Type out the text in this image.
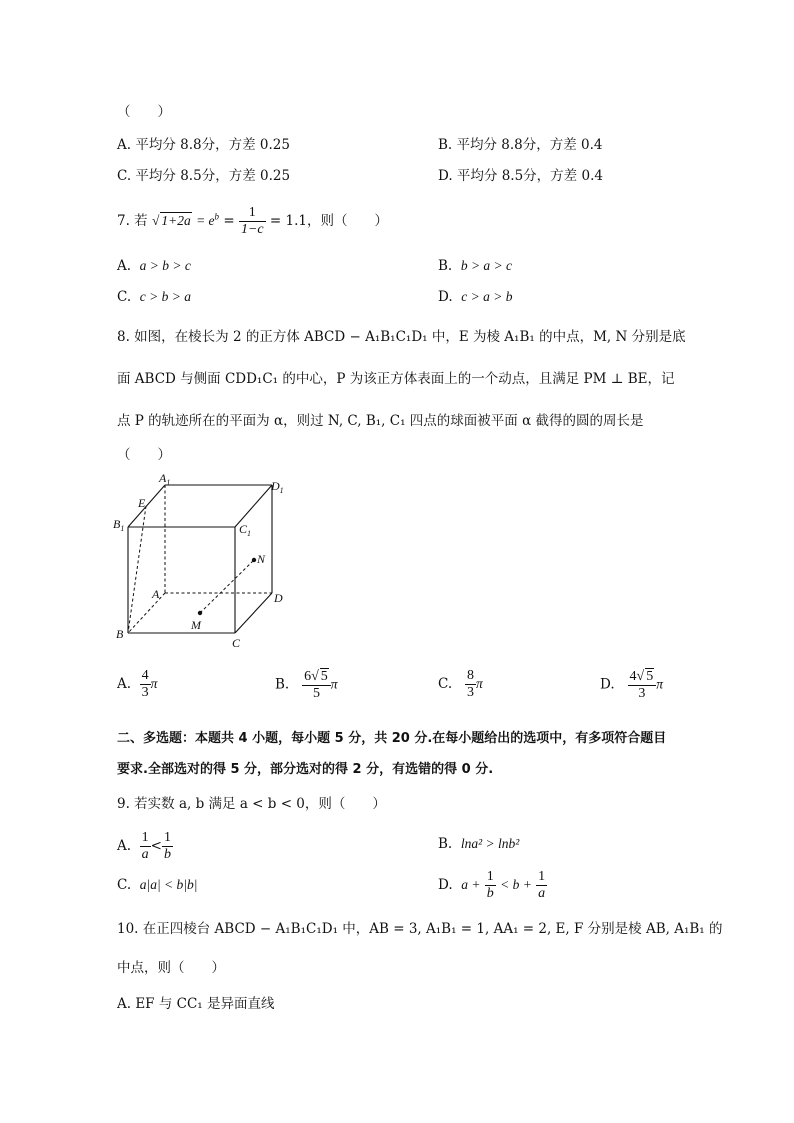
（　　）
A. 平均分 8.8分，方差 0.25	B. 平均分 8.8分，方差 0.4
C. 平均分 8.5分，方差 0.25	D. 平均分 8.5分，方差 0.4
7. 若 √ $1+2a = e^b = \frac{1}{1-c} = 1.1$，则（　　）
A. a > b > c	B. b > a > c
C. c > b > a	D. c > a > b
8. 如图，在棱长为 2 的正方体 ABCD − A₁B₁C₁D₁ 中，E 为棱 A₁B₁ 的中点，M, N 分别是底
面 ABCD 与侧面 CDD₁C₁ 的中心，P 为该正方体表面上的一个动点，且满足 PM ⊥ BE，记
点 P 的轨迹所在的平面为 α，则过 N, C, B₁, C₁ 四点的球面被平面 α 截得的圆的周长是
（　　）
$A_1$	$D_1$
E
$B_1$	$C_1$
N
A	D
M
B
C
A. $\frac{4}{3}$ π	B. $\frac{6√ 5}{5}$ π	C. $\frac{8}{3}$ π	D. $\frac{4√ 5}{3}$ π
二、多选题：本题共 4 小题，每小题 5 分，共 20 分.在每小题给出的选项中，有多项符合题目
要求.全部选对的得 5 分，部分选对的得 2 分，有选错的得 0 分.
9. 若实数 a, b 满足 a < b < 0，则（　　）
A. $\frac{1}{a} < \frac{1}{b}$	B. lna² > lnb²
C. a|a| < b|b|	D. $a + \frac{1}{b} < b + \frac{1}{a}$
10. 在正四棱台 ABCD − A₁B₁C₁D₁ 中，AB = 3, A₁B₁ = 1, AA₁ = 2, E, F 分别是棱 AB, A₁B₁ 的
中点，则（　　）
A. EF 与 CC₁ 是异面直线
